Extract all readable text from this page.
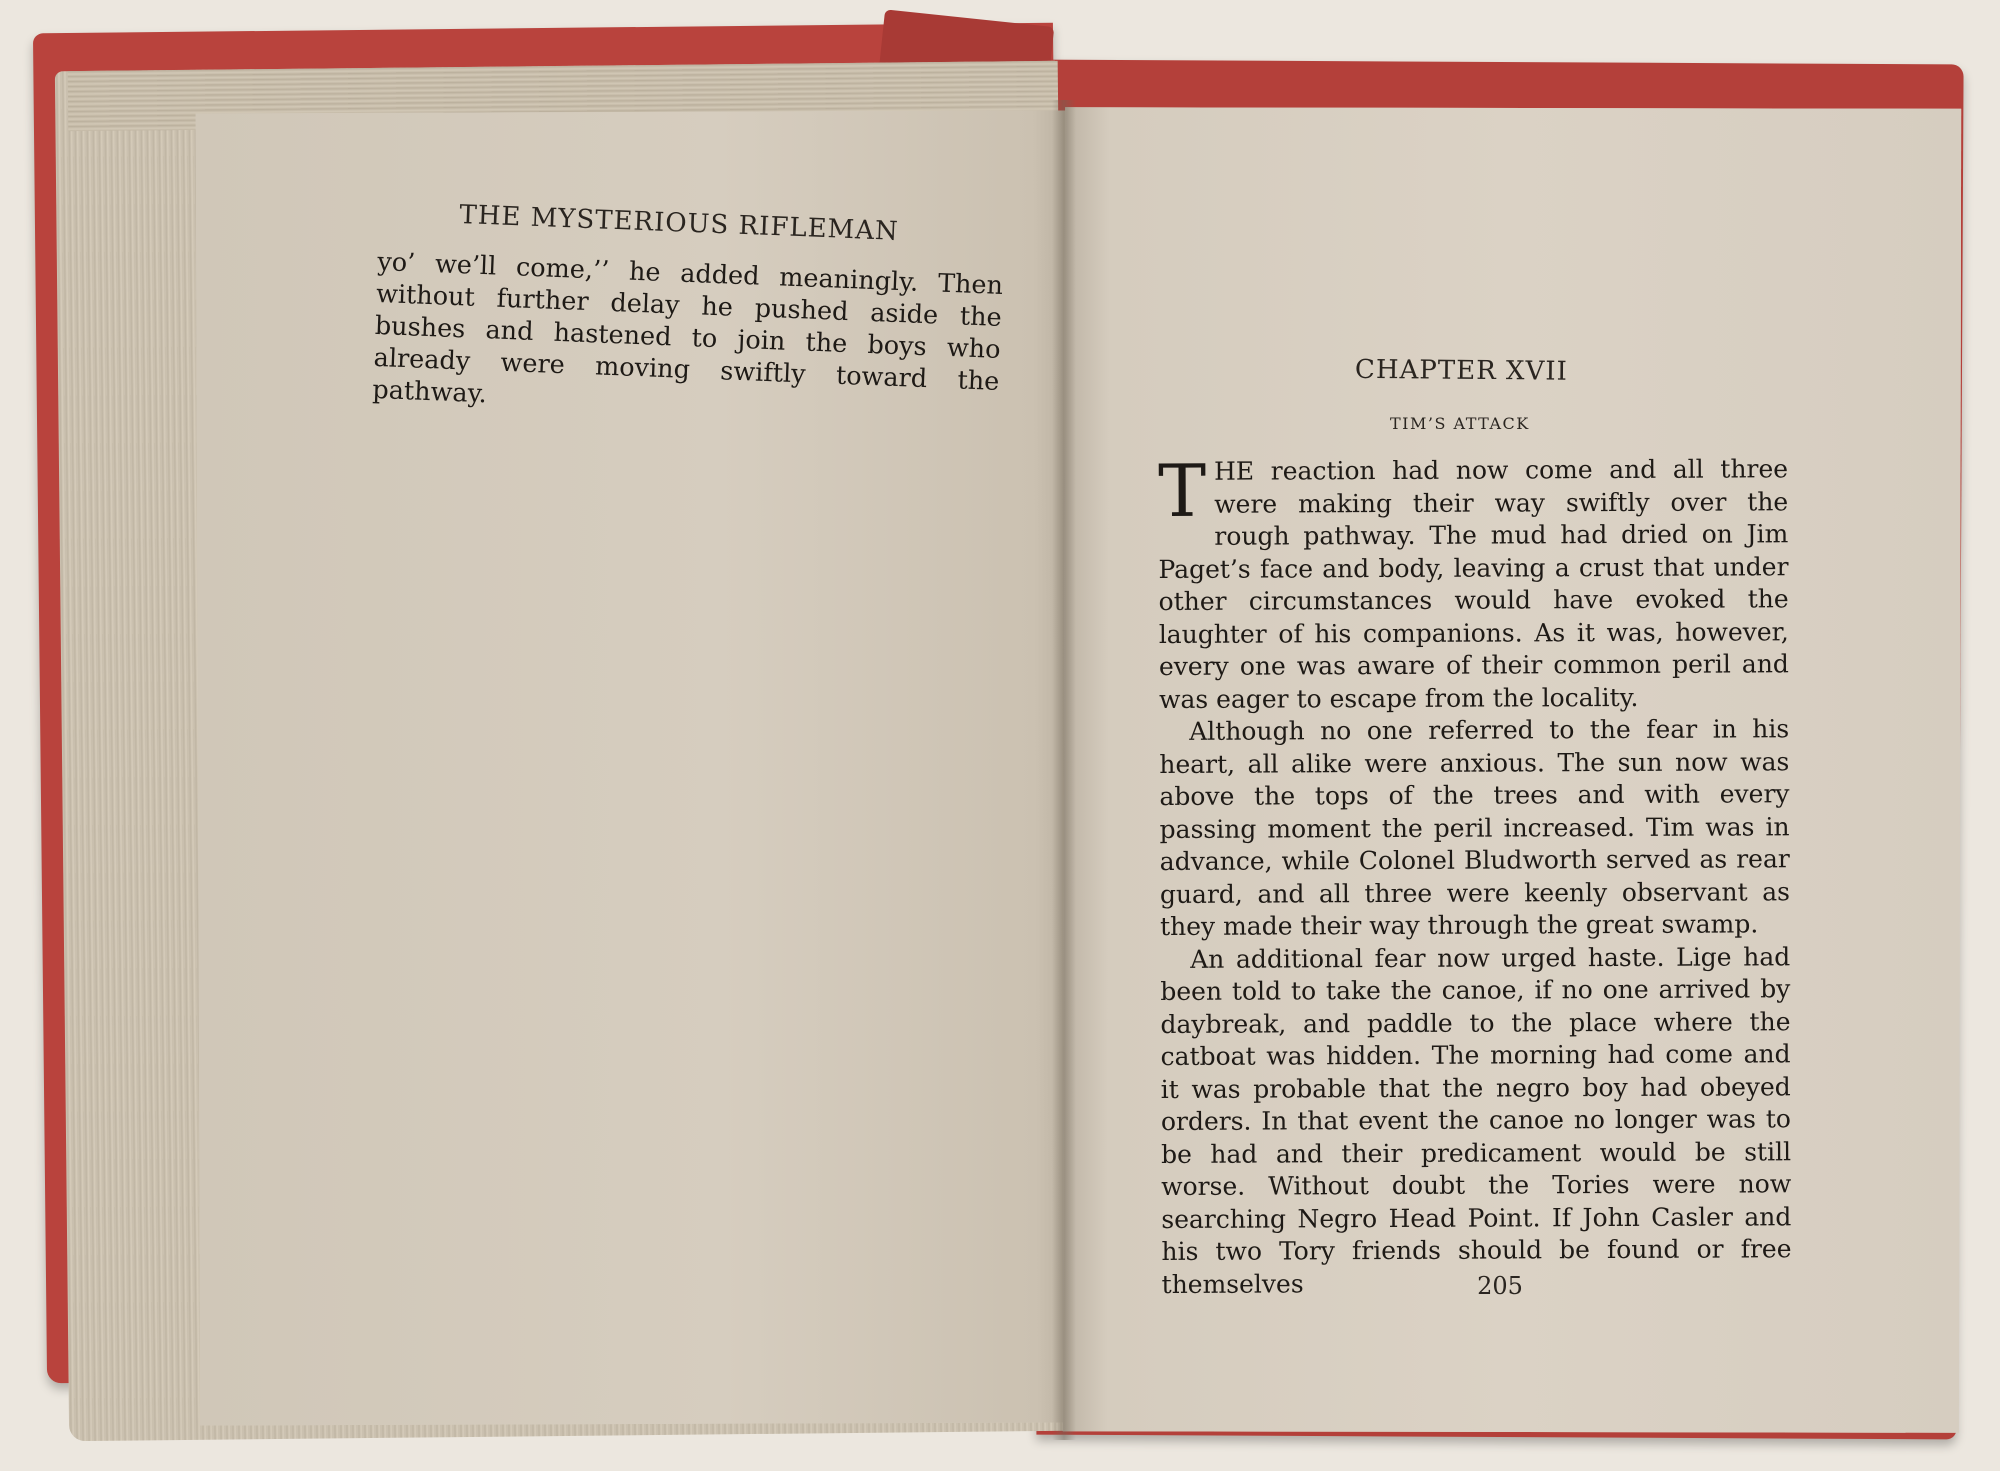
THE MYSTERIOUS RIFLEMAN

yo’ we’ll come,’’ he added meaningly. Then without further delay he pushed aside the bushes and hastened to join the boys who already were moving swiftly toward the pathway.

CHAPTER XVII
TIM’S ATTACK

THE reaction had now come and all three were making their way swiftly over the rough pathway. The mud had dried on Jim Paget’s face and body, leaving a crust that under other circumstances would have evoked the laughter of his companions. As it was, however, every one was aware of their common peril and was eager to escape from the locality.

Although no one referred to the fear in his heart, all alike were anxious. The sun now was above the tops of the trees and with every passing moment the peril increased. Tim was in advance, while Colonel Bludworth served as rear guard, and all three were keenly observant as they made their way through the great swamp.

An additional fear now urged haste. Lige had been told to take the canoe, if no one arrived by daybreak, and paddle to the place where the catboat was hidden. The morning had come and it was probable that the negro boy had obeyed orders. In that event the canoe no longer was to be had and their predicament would be still worse. Without doubt the Tories were now searching Negro Head Point. If John Casler and his two Tory friends should be found or free themselves	205
